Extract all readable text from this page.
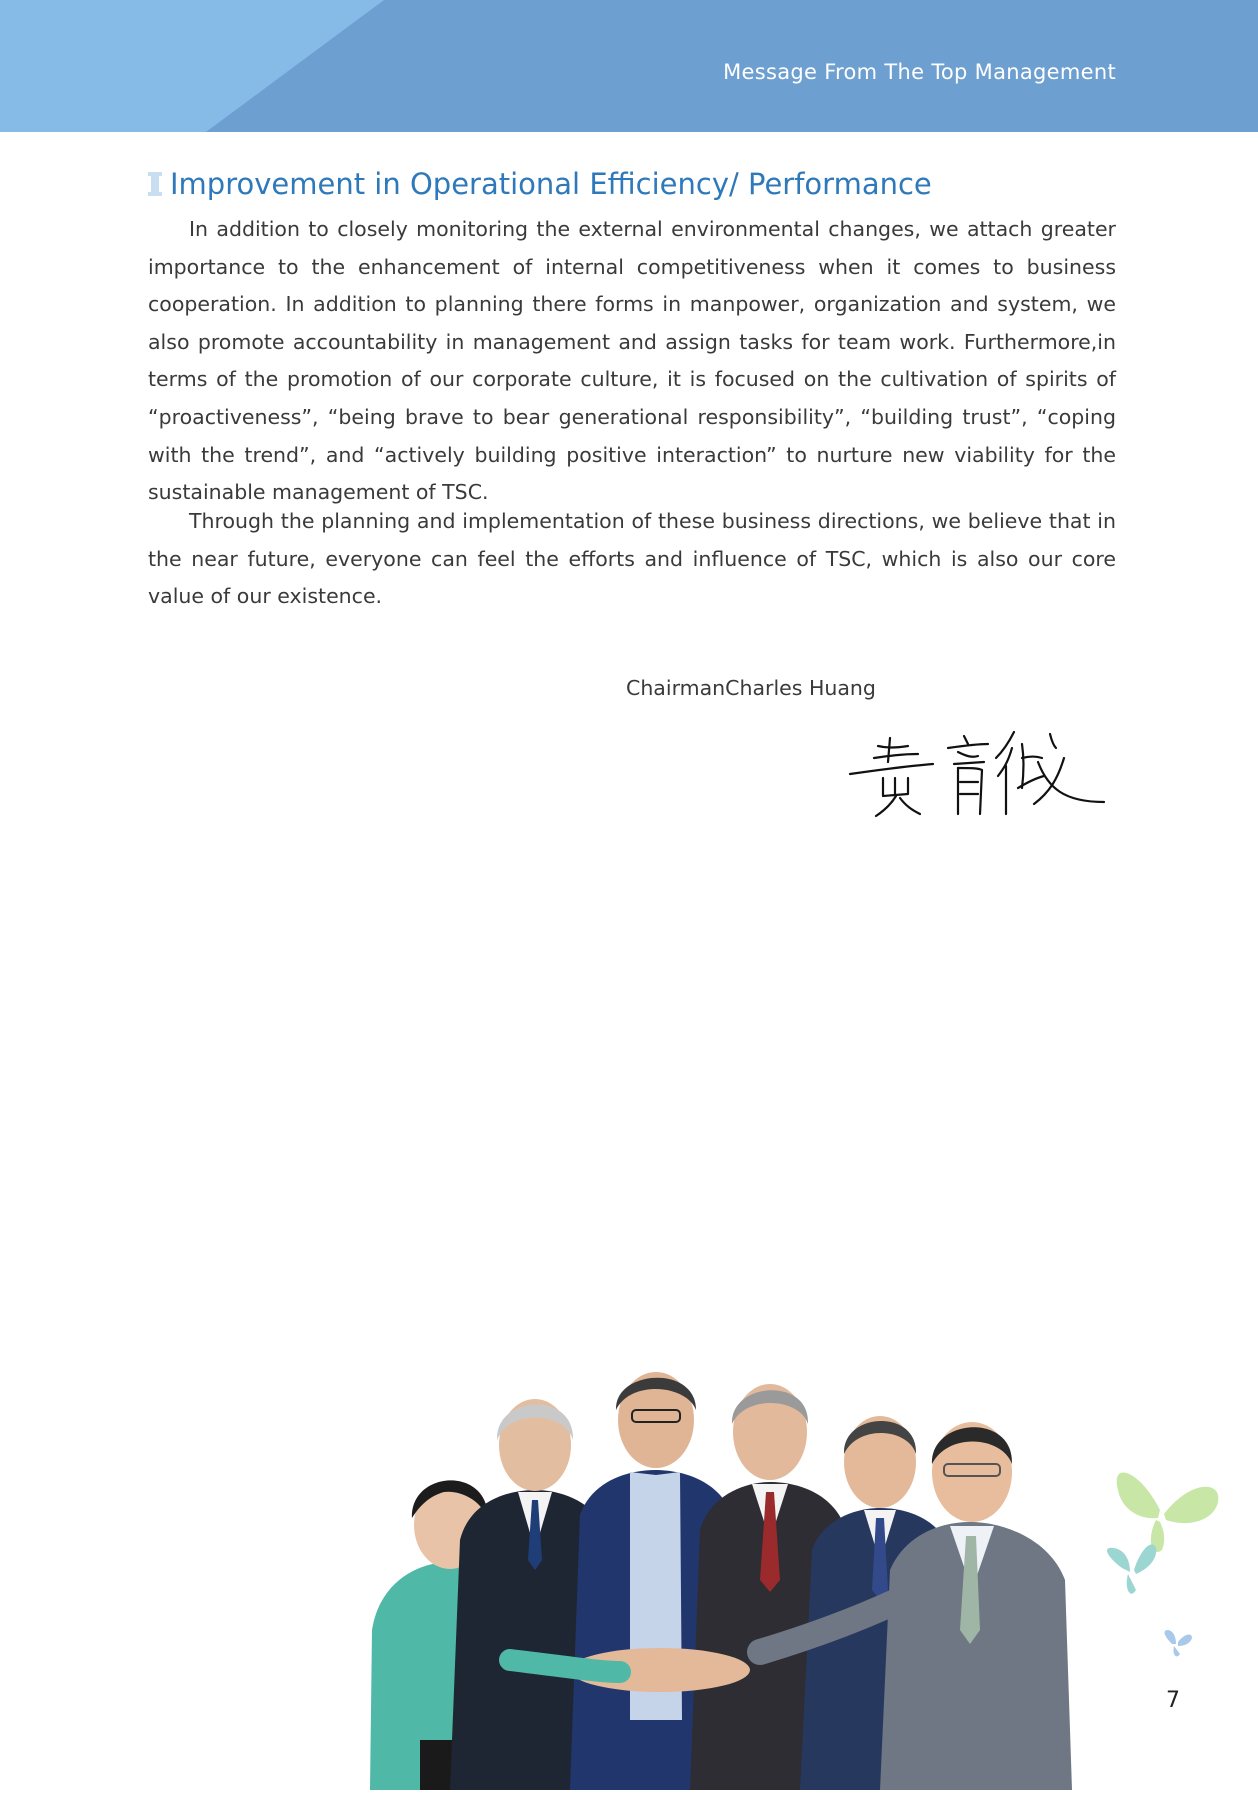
Message From The Top Management
Improvement in Operational Efficiency/ Performance

In addition to closely monitoring the external environmental changes, we attach greater importance to the enhancement of internal competitiveness when it comes to business cooperation. In addition to planning there forms in manpower, organization and system, we also promote accountability in management and assign tasks for team work. Furthermore,in terms of the promotion of our corporate culture, it is focused on the cultivation of spirits of “proactiveness”, “being brave to bear generational responsibility”, “building trust”, “coping with the trend”, and “actively building positive interaction” to nurture new viability for the sustainable management of TSC.

Through the planning and implementation of these business directions, we believe that in the near future, everyone can feel the efforts and influence of TSC, which is also our core value of our existence.

ChairmanCharles Huang
7
